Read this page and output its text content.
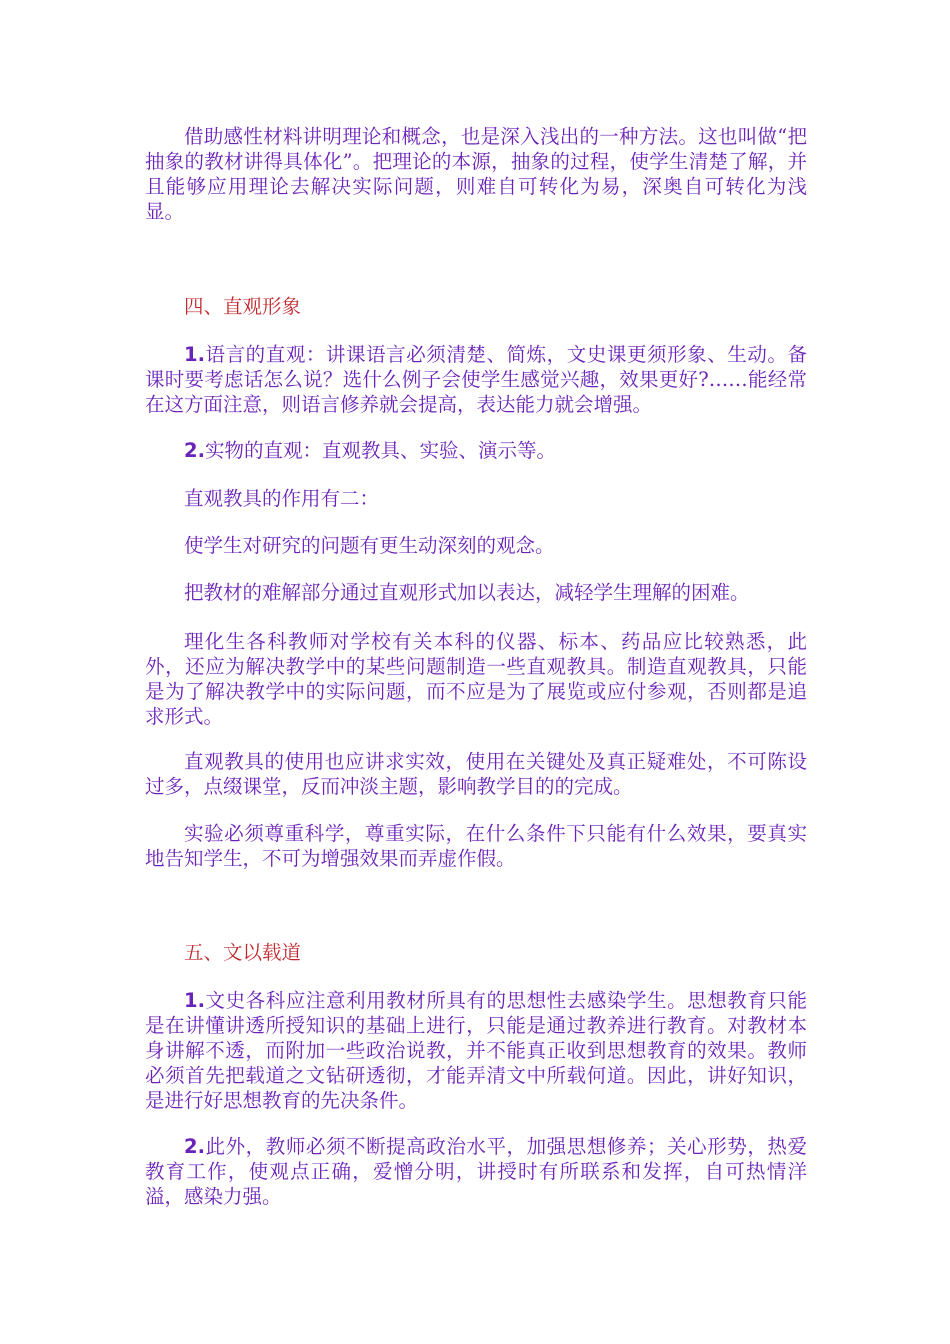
借助感性材料讲明理论和概念，也是深入浅出的一种方法。这也叫做“把抽象的教材讲得具体化”。把理论的本源，抽象的过程，使学生清楚了解，并且能够应用理论去解决实际问题，则难自可转化为易，深奥自可转化为浅显。

四、直观形象

1.语言的直观：讲课语言必须清楚、简炼，文史课更须形象、生动。备课时要考虑话怎么说？选什么例子会使学生感觉兴趣，效果更好?……能经常在这方面注意，则语言修养就会提高，表达能力就会增强。

2.实物的直观：直观教具、实验、演示等。

直观教具的作用有二：

使学生对研究的问题有更生动深刻的观念。

把教材的难解部分通过直观形式加以表达，减轻学生理解的困难。

理化生各科教师对学校有关本科的仪器、标本、药品应比较熟悉，此外，还应为解决教学中的某些问题制造一些直观教具。制造直观教具，只能是为了解决教学中的实际问题，而不应是为了展览或应付参观，否则都是追求形式。

直观教具的使用也应讲求实效，使用在关键处及真正疑难处，不可陈设过多，点缀课堂，反而冲淡主题，影响教学目的的完成。

实验必须尊重科学，尊重实际，在什么条件下只能有什么效果，要真实地告知学生，不可为增强效果而弄虚作假。

五、文以载道

1.文史各科应注意利用教材所具有的思想性去感染学生。思想教育只能是在讲懂讲透所授知识的基础上进行，只能是通过教养进行教育。对教材本身讲解不透，而附加一些政治说教，并不能真正收到思想教育的效果。教师必须首先把载道之文钻研透彻，才能弄清文中所载何道。因此，讲好知识，是进行好思想教育的先决条件。

2.此外，教师必须不断提高政治水平，加强思想修养；关心形势，热爱教育工作，使观点正确，爱憎分明，讲授时有所联系和发挥，自可热情洋溢，感染力强。
